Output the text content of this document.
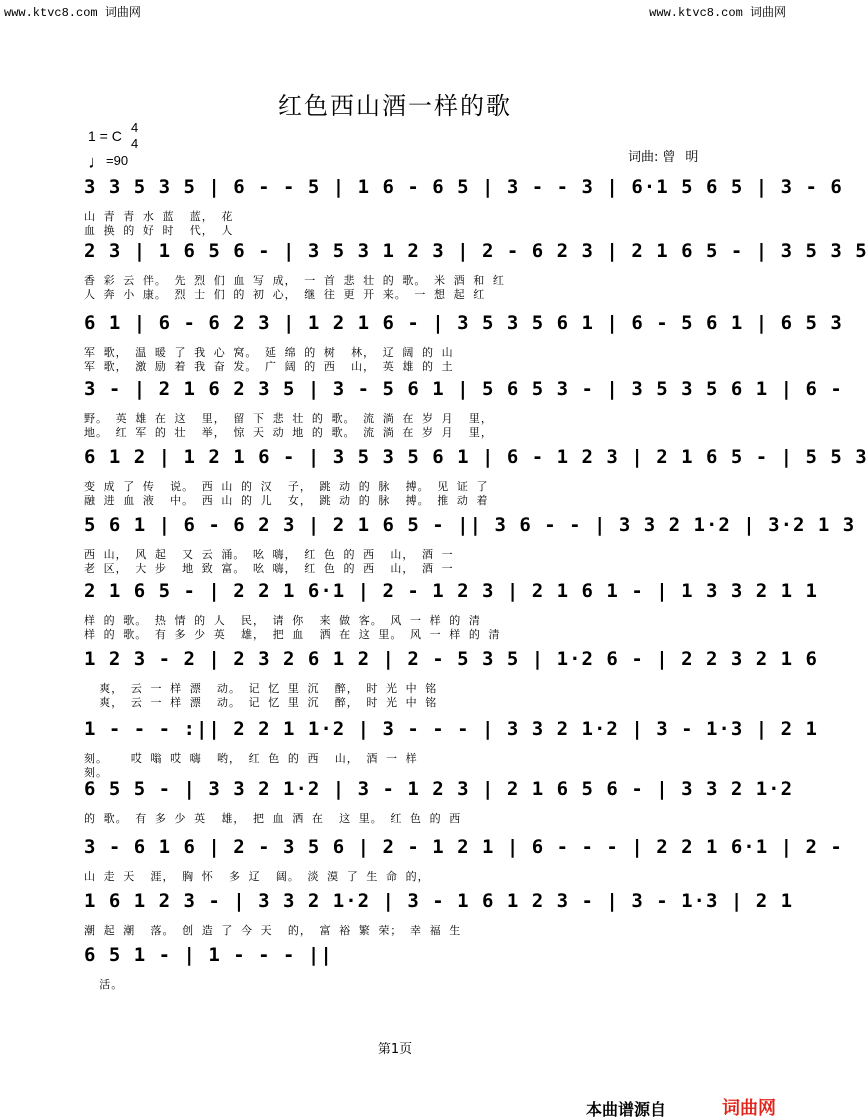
www.ktvc8.com 词曲网	www.ktvc8.com 词曲网
红色西山酒一样的歌
1 = C
4
4
♩=90	词曲: 曾明
3 3 5 3 5 | 6 - - 5 | 1 6 - 6 5 | 3 - - 3 | 6·1 5 6 5 | 3 - 6
山 青 青 水 蓝  蓝， 花
血 换 的 好 时  代， 人
2 3 | 1 6 5 6 - | 3 5 3 1 2 3 | 2 - 6 2 3 | 2 1 6 5 - | 3 5 3 5
香 彩 云 伴。 先 烈 们 血 写 成， 一 首 悲 壮 的 歌。 米 酒 和 红
人 奔 小 康。 烈 士 们 的 初 心， 继 往 更 开 来。 一 想 起 红
6 1 | 6 - 6 2 3 | 1 2 1 6 - | 3 5 3 5 6 1 | 6 - 5 6 1 | 6 5 3
军 歌， 温 暖 了 我 心 窝。 延 绵 的 树  林， 辽 阔 的 山
军 歌， 激 励 着 我 奋 发。 广 阔 的 西  山， 英 雄 的 土
3 - | 2 1 6 2 3 5 | 3 - 5 6 1 | 5 6 5 3 - | 3 5 3 5 6 1 | 6 -
野。 英 雄 在 这  里， 留 下 悲 壮 的 歌。 流 淌 在 岁 月  里，
地。 红 军 的 壮  举， 惊 天 动 地 的 歌。 流 淌 在 岁 月  里，
6 1 2 | 1 2 1 6 - | 3 5 3 5 6 1 | 6 - 1 2 3 | 2 1 6 5 - | 5 5 3
变 成 了 传  说。 西 山 的 汉  子， 跳 动 的 脉  搏。 见 证 了
融 进 血 液  中。 西 山 的 儿  女， 跳 动 的 脉  搏。 推 动 着
5 6 1 | 6 - 6 2 3 | 2 1 6 5 - || 3 6 - - | 3 3 2 1·2 | 3·2 1 3
西 山， 风 起  又 云 涌。 吆 嗨， 红 色 的 西  山， 酒 一
老 区， 大 步  地 致 富。 吆 嗨， 红 色 的 西  山， 酒 一
2 1 6 5 - | 2 2 1 6·1 | 2 - 1 2 3 | 2 1 6 1 - | 1 3 3 2 1 1
样 的 歌。 热 情 的 人  民， 请 你  来 做 客。 风 一 样 的 清
样 的 歌。 有 多 少 英  雄， 把 血  洒 在 这 里。 风 一 样 的 清
1 2 3 - 2 | 2 3 2 6 1 2 | 2 - 5 3 5 | 1·2 6 - | 2 2 3 2 1 6
爽， 云 一 样 漂  动。 记 忆 里 沉  醉， 时 光 中 铭
爽， 云 一 样 漂  动。 记 忆 里 沉  醉， 时 光 中 铭
1 - - - :|| 2 2 1 1·2 | 3 - - - | 3 3 2 1·2 | 3 - 1·3 | 2 1
刻。   哎 嗡 哎 嗨  哟， 红 色 的 西  山， 酒 一 样
刻。
6 5 5 - | 3 3 2 1·2 | 3 - 1 2 3 | 2 1 6 5 6 - | 3 3 2 1·2
的 歌。 有 多 少 英  雄， 把 血 洒 在  这 里。 红 色 的 西
3 - 6 1 6 | 2 - 3 5 6 | 2 - 1 2 1 | 6 - - - | 2 2 1 6·1 | 2 -
山 走 天  涯， 胸 怀  多 辽  阔。 淡 漠 了 生 命 的，
1 6 1 2 3 - | 3 3 2 1·2 | 3 - 1 6 1 2 3 - | 3 - 1·3 | 2 1
潮 起 潮  落。 创 造 了 今 天  的， 富 裕 繁 荣； 幸 福 生
6 5 1 - | 1 - - - ||
活。
第1页
本曲谱源自	词曲网
